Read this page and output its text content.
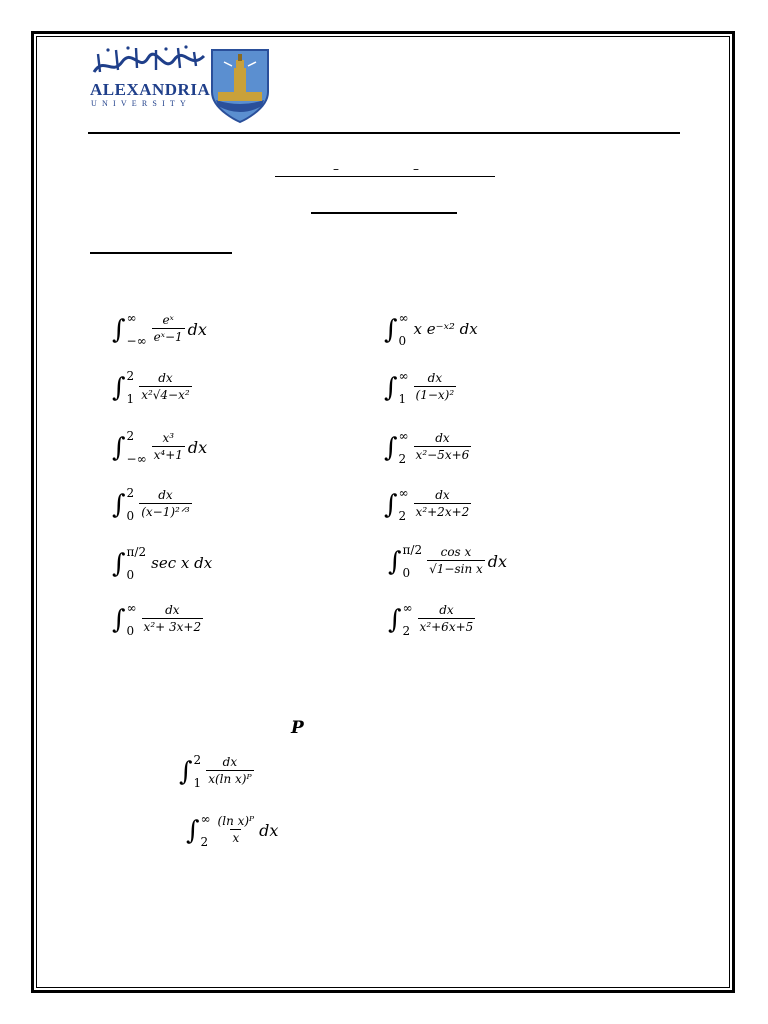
ALEXANDRIA
UNIVERSITY
–	–
∫ ∞
−∞ $\frac{\text{eˣ}}{\text{eˣ−1}}$ dx
∫ 2
$1 \frac{dx}{\text{x²√4−x²}}$
∫ 2
−∞ $\frac{\text{x³}}{\text{x⁴+1}}$ dx
∫ 2
$0 \frac{dx}{\text{(x−1)²ᐟ³}}$
∫ π/2
0
sec x dx
∫ ∞
$0 \frac{dx}{\text{x²+ 3x+2}}$
∫ ∞
0
x e⁻ˣ² dx
∫ ∞
$1 \frac{dx}{\text{(1−x)²}}$
∫ ∞
$2 \frac{dx}{\text{x²−5x+6}}$
∫ ∞
$2 \frac{dx}{\text{x²+2x+2}}$
∫ π/2
0	$\frac{\text{cos x}}{\text{√1−sin x}}$ dx
∫ ∞
$2 \frac{dx}{\text{x²+6x+5}}$
P
∫ 2
$1 \frac{dx}{\text{x(ln x)ᴾ}}$
∫ ∞
$2 \frac{\text{(ln x)ᴾ}}{x}$ dx
